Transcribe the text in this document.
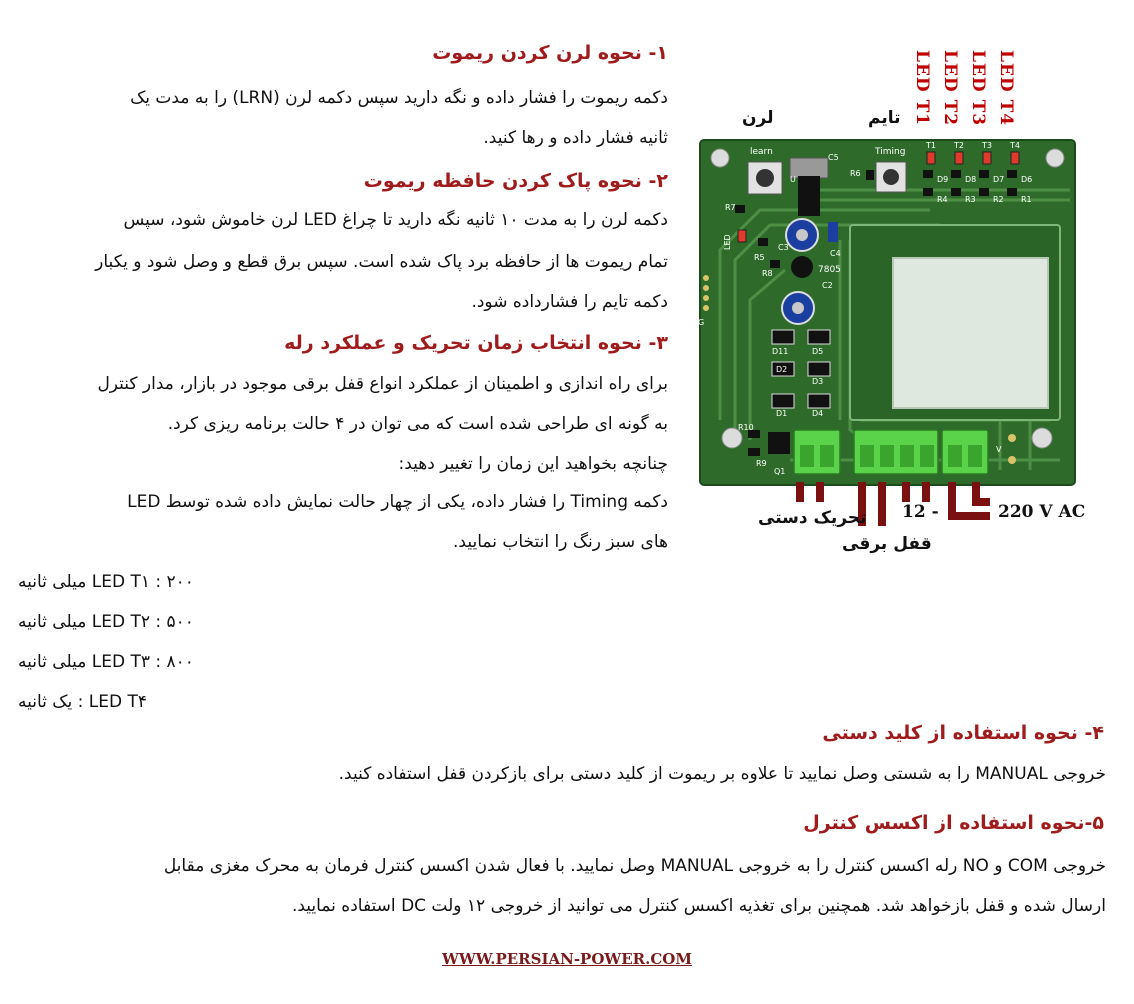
۱- نحوه لرن کردن ریموت
دکمه ریموت را فشار داده و نگه دارید سپس دکمه لرن (LRN) را به مدت یک
ثانیه فشار داده و رها کنید.
۲- نحوه پاک کردن حافظه ریموت
دکمه لرن را به مدت ۱۰ ثانیه نگه دارید تا چراغ LED لرن خاموش شود، سپس
تمام ریموت ها از حافظه برد پاک شده است. سپس برق قطع و وصل شود و یکبار
دکمه تایم را فشارداده شود.
۳- نحوه انتخاب زمان تحریک و عملکرد رله
برای راه اندازی و اطمینان از عملکرد انواع قفل برقی موجود در بازار، مدار کنترل
به گونه ای طراحی شده است که می توان در ۴ حالت برنامه ریزی کرد.
چنانچه بخواهید این زمان را تغییر دهید:
دکمه Timing را فشار داده، یکی از چهار حالت نمایش داده شده توسط LED
های سبز رنگ را انتخاب نمایید.
LED T۱ : ۲۰۰ میلی ثانیه
LED T۲ : ۵۰۰ میلی ثانیه
LED T۳ : ۸۰۰ میلی ثانیه
LED T۴ : یک ثانیه
۴- نحوه استفاده از کلید دستی
خروجی MANUAL را به شستی وصل نمایید تا علاوه بر ریموت از کلید دستی برای بازکردن قفل استفاده کنید.
۵-نحوه استفاده از اکسس کنترل
خروجی COM و NO رله اکسس کنترل را به خروجی MANUAL وصل نمایید. با فعال شدن اکسس کنترل فرمان به محرک مغزی مقابل
ارسال شده و قفل بازخواهد شد. همچنین برای تغذیه اکسس کنترل می توانید از خروجی ۱۲ ولت DC استفاده نمایید.
WWW.PERSIAN-POWER.COM
لرن	تایم LED T1 LED T2 LED T3 LED T4
learn	Timing
7805
R7
R5
R8
C3
C4
C2
C5
R6
D9 D8 D7 D6
R4 R3 R2 R1
T1 T2 T3 T4
D11	D5
D2
D3
D1	D4
Q1
R10
R9
U
G
V
LED
تحریک دستی
قفل برقی
12 -	220 V AC
